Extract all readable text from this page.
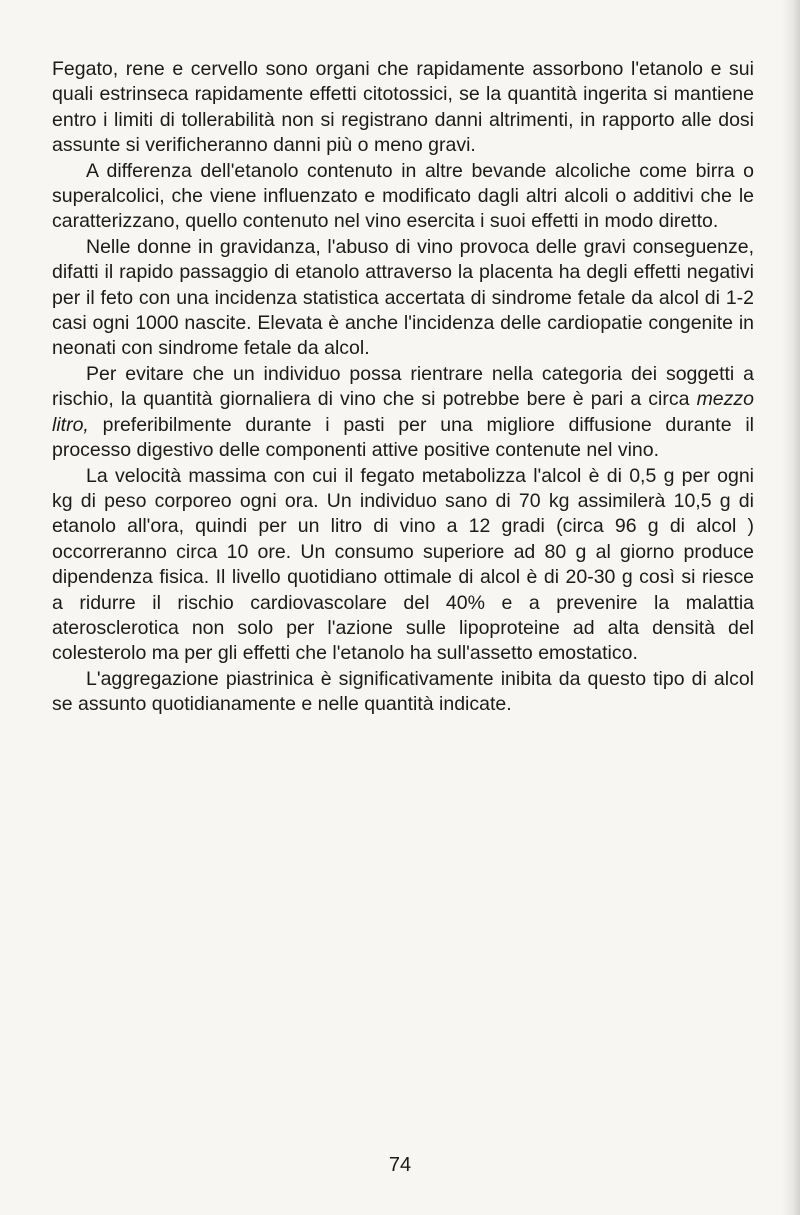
Fegato, rene e cervello sono organi che rapidamente assorbono l'etanolo e sui quali estrinseca rapidamente effetti citotossici, se la quantità ingerita si mantiene entro i limiti di tollerabilità non si registrano danni altrimenti, in rapporto alle dosi assunte si verificheranno danni più o meno gravi.

A differenza dell'etanolo contenuto in altre bevande alcoliche come birra o superalcolici, che viene influenzato e modificato dagli altri alcoli o additivi che le caratterizzano, quello contenuto nel vino esercita i suoi effetti in modo diretto.

Nelle donne in gravidanza, l'abuso di vino provoca delle gravi conseguenze, difatti il rapido passaggio di etanolo attraverso la placenta ha degli effetti negativi per il feto con una incidenza statistica accertata di sindrome fetale da alcol di 1-2 casi ogni 1000 nascite. Elevata è anche l'incidenza delle cardiopatie congenite in neonati con sindrome fetale da alcol.

Per evitare che un individuo possa rientrare nella categoria dei soggetti a rischio, la quantità giornaliera di vino che si potrebbe bere è pari a circa mezzo litro, preferibilmente durante i pasti per una migliore diffusione durante il processo digestivo delle componenti attive positive contenute nel vino.

La velocità massima con cui il fegato metabolizza l'alcol è di 0,5 g per ogni kg di peso corporeo ogni ora. Un individuo sano di 70 kg assimilerà 10,5 g di etanolo all'ora, quindi per un litro di vino a 12 gradi (circa 96 g di alcol ) occorreranno circa 10 ore. Un consumo superiore ad 80 g al giorno produce dipendenza fisica. Il livello quotidiano ottimale di alcol è di 20-30 g così si riesce a ridurre il rischio cardiovascolare del 40% e a prevenire la malattia aterosclerotica non solo per l'azione sulle lipoproteine ad alta densità del colesterolo ma per gli effetti che l'etanolo ha sull'assetto emostatico.

L'aggregazione piastrinica è significativamente inibita da questo tipo di alcol se assunto quotidianamente e nelle quantità indicate.

74
